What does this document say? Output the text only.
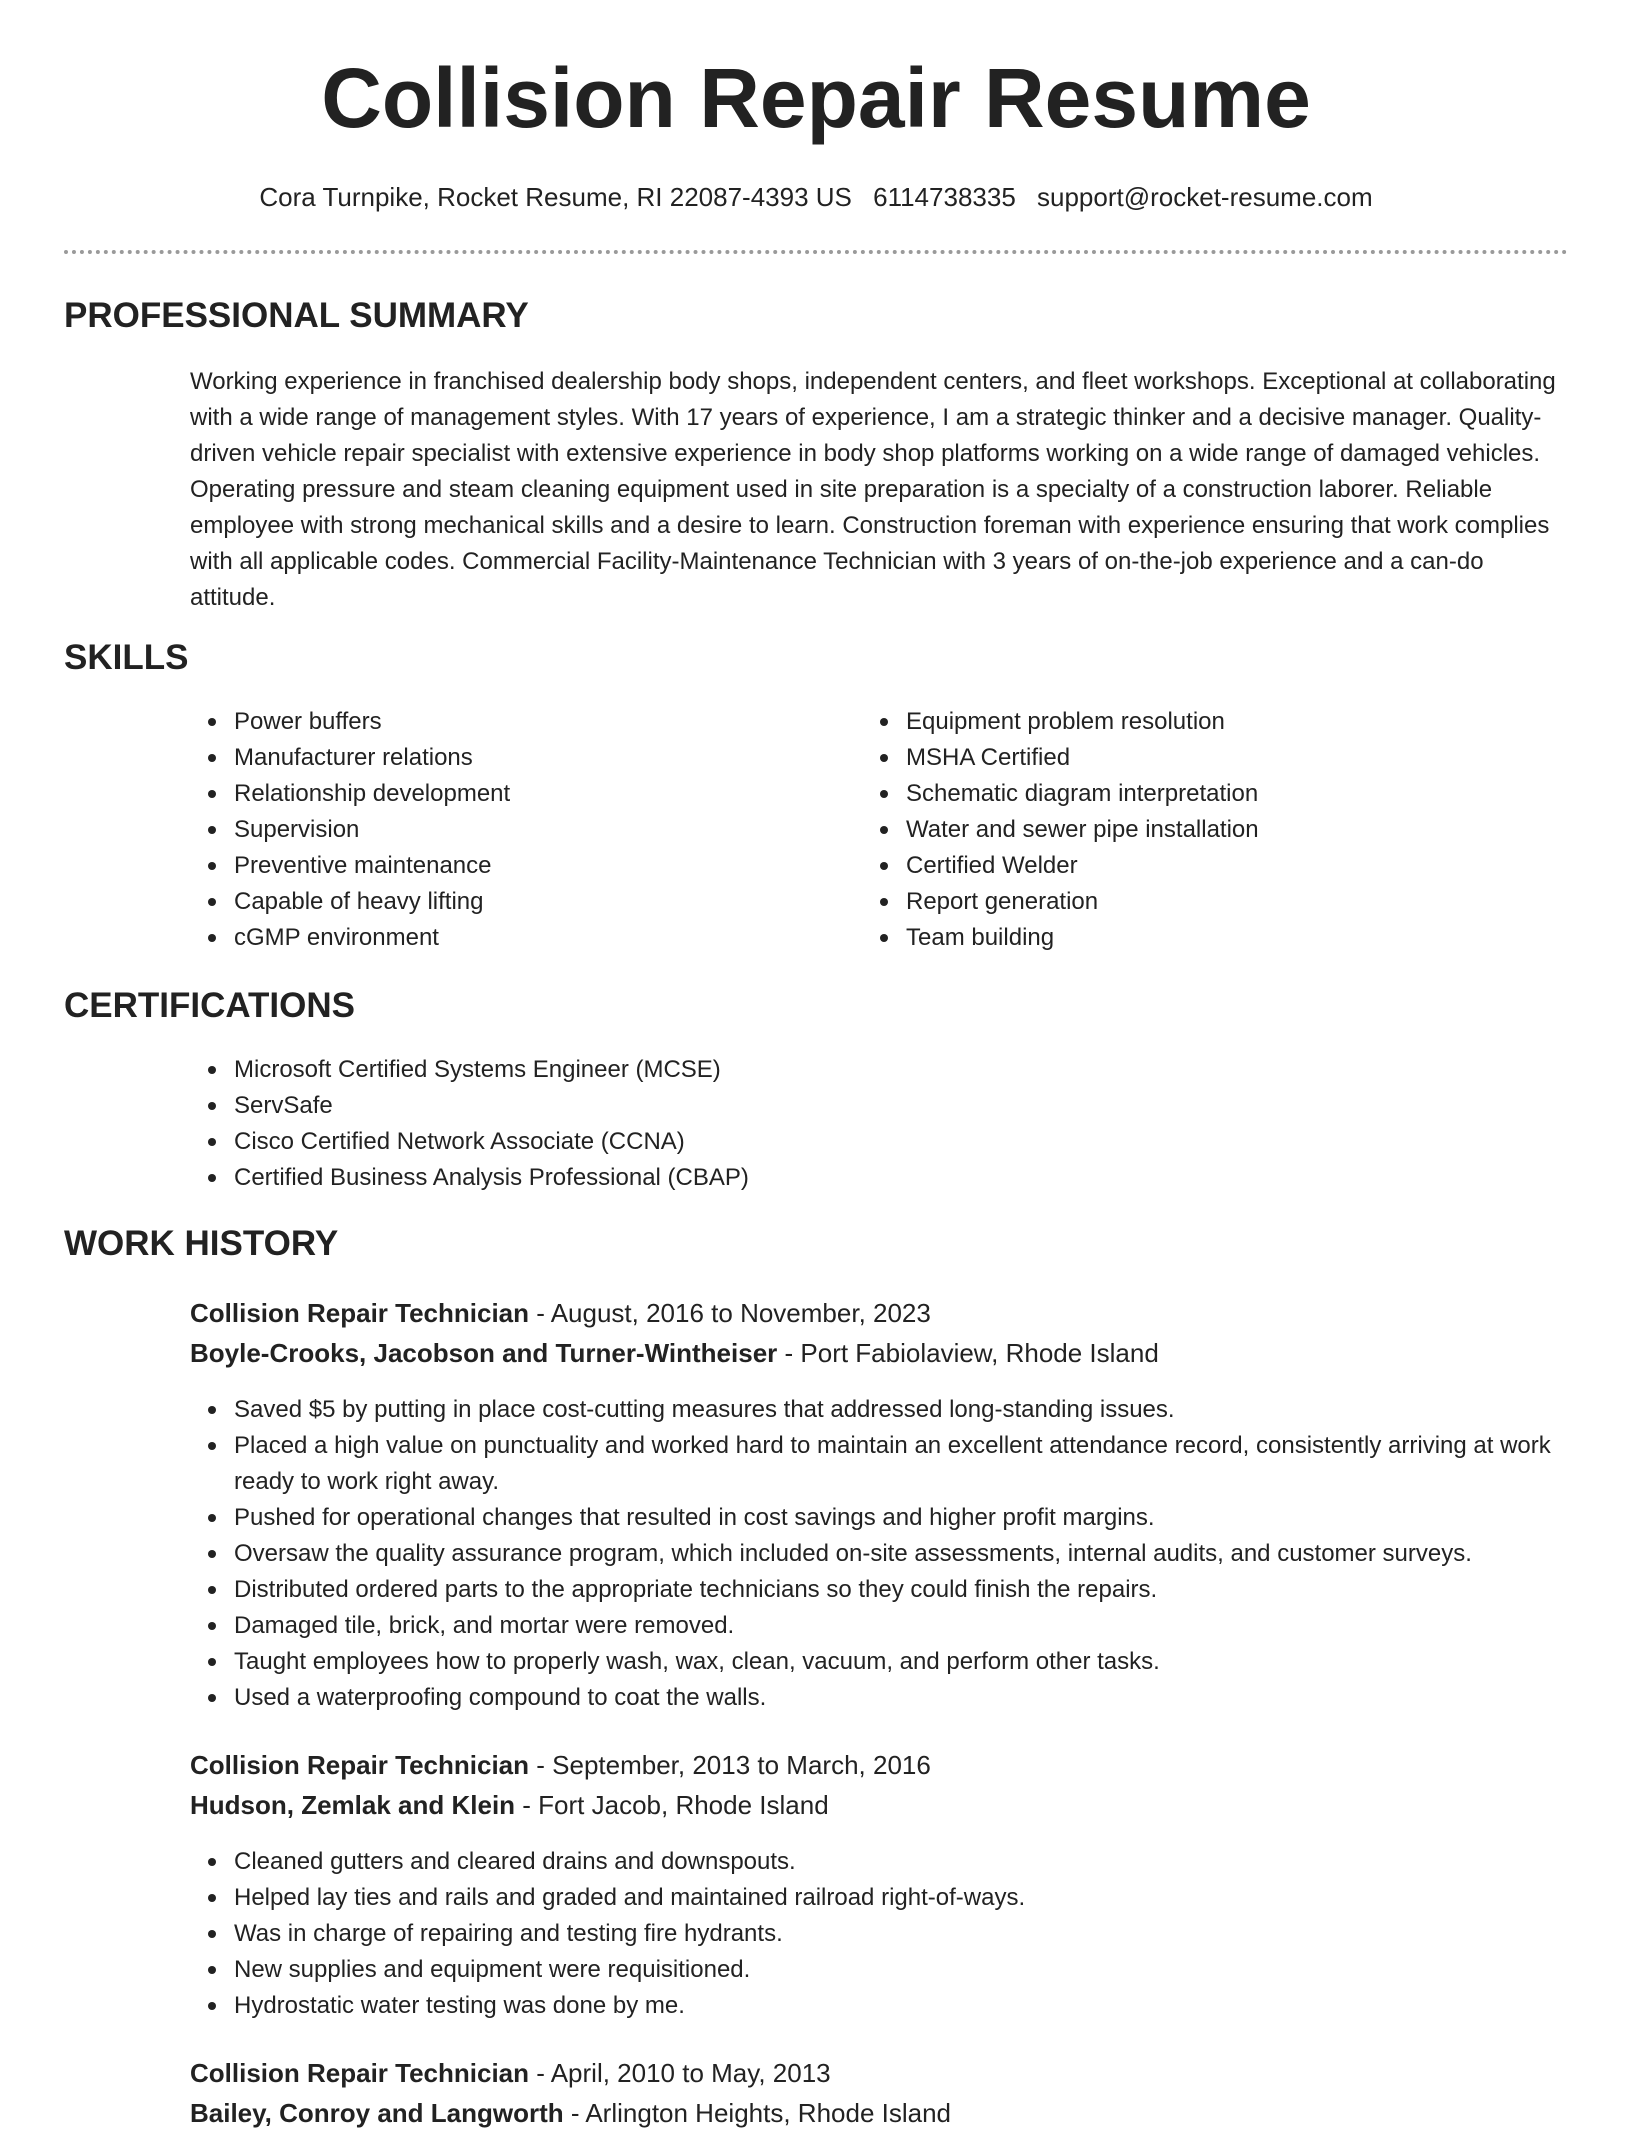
Collision Repair Resume
Cora Turnpike, Rocket Resume, RI 22087-4393 US 6114738335 support@rocket-resume.com
PROFESSIONAL SUMMARY

Working experience in franchised dealership body shops, independent centers, and fleet workshops. Exceptional at collaborating with a wide range of management styles. With 17 years of experience, I am a strategic thinker and a decisive manager. Quality-driven vehicle repair specialist with extensive experience in body shop platforms working on a wide range of damaged vehicles. Operating pressure and steam cleaning equipment used in site preparation is a specialty of a construction laborer. Reliable employee with strong mechanical skills and a desire to learn. Construction foreman with experience ensuring that work complies with all applicable codes. Commercial Facility-Maintenance Technician with 3 years of on-the-job experience and a can-do attitude.

SKILLS
Power buffers
Manufacturer relations
Relationship development
Supervision
Preventive maintenance
Capable of heavy lifting
cGMP environment
Equipment problem resolution
MSHA Certified
Schematic diagram interpretation
Water and sewer pipe installation
Certified Welder
Report generation
Team building
CERTIFICATIONS
Microsoft Certified Systems Engineer (MCSE)
ServSafe
Cisco Certified Network Associate (CCNA)
Certified Business Analysis Professional (CBAP)
WORK HISTORY
Collision Repair Technician - August, 2016 to November, 2023
Boyle-Crooks, Jacobson and Turner-Wintheiser - Port Fabiolaview, Rhode Island
Saved $5 by putting in place cost-cutting measures that addressed long-standing issues.
Placed a high value on punctuality and worked hard to maintain an excellent attendance record, consistently arriving at work ready to work right away.
Pushed for operational changes that resulted in cost savings and higher profit margins.
Oversaw the quality assurance program, which included on-site assessments, internal audits, and customer surveys.
Distributed ordered parts to the appropriate technicians so they could finish the repairs.
Damaged tile, brick, and mortar were removed.
Taught employees how to properly wash, wax, clean, vacuum, and perform other tasks.
Used a waterproofing compound to coat the walls.
Collision Repair Technician - September, 2013 to March, 2016
Hudson, Zemlak and Klein - Fort Jacob, Rhode Island
Cleaned gutters and cleared drains and downspouts.
Helped lay ties and rails and graded and maintained railroad right-of-ways.
Was in charge of repairing and testing fire hydrants.
New supplies and equipment were requisitioned.
Hydrostatic water testing was done by me.
Collision Repair Technician - April, 2010 to May, 2013
Bailey, Conroy and Langworth - Arlington Heights, Rhode Island
